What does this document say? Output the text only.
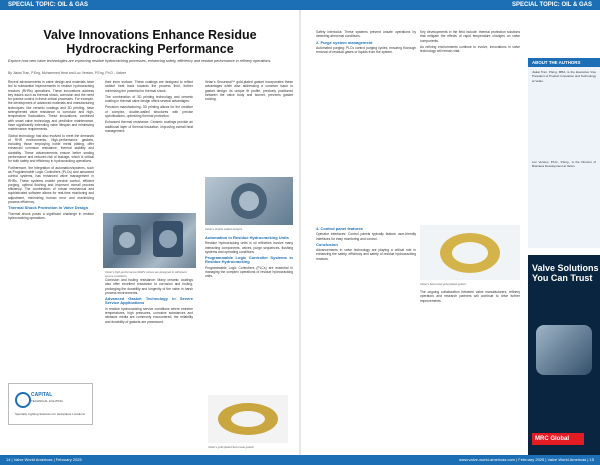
SPECIAL TOPIC: OIL & GAS	SPECIAL TOPIC: OIL & GAS
Valve Innovations Enhance Residue
Hydrocracking Performance
Explore how new valve technologies are improving residue hydrocracking processes, enhancing safety, efficiency and residue performance in refinery operations.
By Jiakai Tran, P.Eng, Mohammed Heat and Luc Verstov, P.Eng, Ph.D - Valvee

Recent advancements in valve design and materials have led to substantial improvements in residue hydrocracking reactors (RHRs) operations. These innovations address key issues such as thermal shock, corrosion and the need for precise control in these critical processes. For example, the development of advanced materials and manufacturing techniques, like ceramic coatings and 3D printing, have strengthened valve resistance to corrosion and high-temperature fluctuations. These innovations, combined with smart valve technology and predictive maintenance, have significantly extending valve lifespan and minimizing maintenance requirements.

Global technology has also evolved to meet the demands of RHR environments. High-performance gaskets, including those employing noble metal plating, offer enhanced corrosion resistance, thermal stability and durability. These advancements ensure better sealing performance and reduced risk of leakage, which is critical for both safety and efficiency in hydrocracking operations.

Furthermore, the integration of automation/systems, such as Programmable Logic Controllers (PLCs) and advanced control systems, has enhanced valve management in RHRs. These systems enable precise control, efficient purging, optimal flushing and improved overall process efficiency. The combination of robust mechanical and sophisticated software allows for real-time monitoring and adjustment, minimizing human error and maximizing process efficiency.

Thermal Shock Protection In Valve Design

Thermal shock poses a significant challenge in residue hydrocracking operations.

CAPITAL
TECHNICAL LIGHTING
Specialty Lighting Solutions for Hazardous Locations

their inner surface. These coatings are designed to reflect radiant heat back towards the process fluid, further minimizing the potential for thermal shock.

The combination of 3D printing technology and ceramic coating in thermal valve design offers several advantages:

Precision manufacturing: 3D printing allows for the creation of complex, double-walled structures with precise specifications, optimizing thermal protection.

Enhanced thermal resistance: Ceramic coatings provide an additional layer of thermal insulation, improving overall heat management.

Velan's high-performance RHRV valves are designed to withstand severe conditions

Corrosion and fouling resistance: Many ceramic coatings also offer excellent resistance to corrosion and fouling, prolonging the durability and longevity of the valve in harsh process environments.

Advanced Gasket Technology in Severe Service Applications

In residue hydrocracking service conditions where extreme temperatures, high pressures, corrosive substances and abrasive media are commonly encountered, the reliability and durability of gaskets are paramount.

Velan's Securseal™ gold-plated gasket incorporates these advantages while also addressing a common issue in gasket design: its unique fit profile, precisely positioned between the valve body and bonnet, prevents gasket rocking.

Velan's double walled designs
Automation in Residue Hydrocracking Units

Residue hydrocracking units in oil refineries involve many interacting components, valves, purge sequences, flushing systems and operating conditions.

Programmable Logic Controller Systems in Residue Hydrocracking

Programmable Logic Controllers (PLCs) are essential in managing the complex operations of residue hydrocracking units.

Velan's gold-plated Securseal gasket

Safety interlocks: These systems prevent unsafe operations by detecting abnormal conditions.

2. Purge system management

Automated purging: PLCs control purging cycles, ensuring thorough removal of residual gases or liquids from the system.

4. Control panel features

Operator interfaces: Control panels typically feature user-friendly interfaces for easy monitoring and control.

Conclusion

Advancements in valve technology are playing a critical role in enhancing the safety, efficiency and safety of residue hydrocracking reactors.

Key developments in the field include: thermal protection solutions that mitigate the effects of rapid temperature changes on valve components.

As refining environments continue to evolve, innovations in valve technology will remain vital.

Velan's Securseal gold-plated gasket

The ongoing collaboration between valve manufacturers, refinery operators and research partners will continue to drive further improvements.

ABOUT THE AUTHORS
Jiakai Tran, P.Eng, MBA, is the Executive Vice President of Product Innovation and Technology at Velan.
Luc Verstov, Ph.D., P.Eng., is the Director of Business Development at Velan.
Valve Solutions You Can Trust
MRC Global
14 | Valve World Americas | February 2025	www.valve-world-americas.com | February 2025 | Valve World Americas | 15
